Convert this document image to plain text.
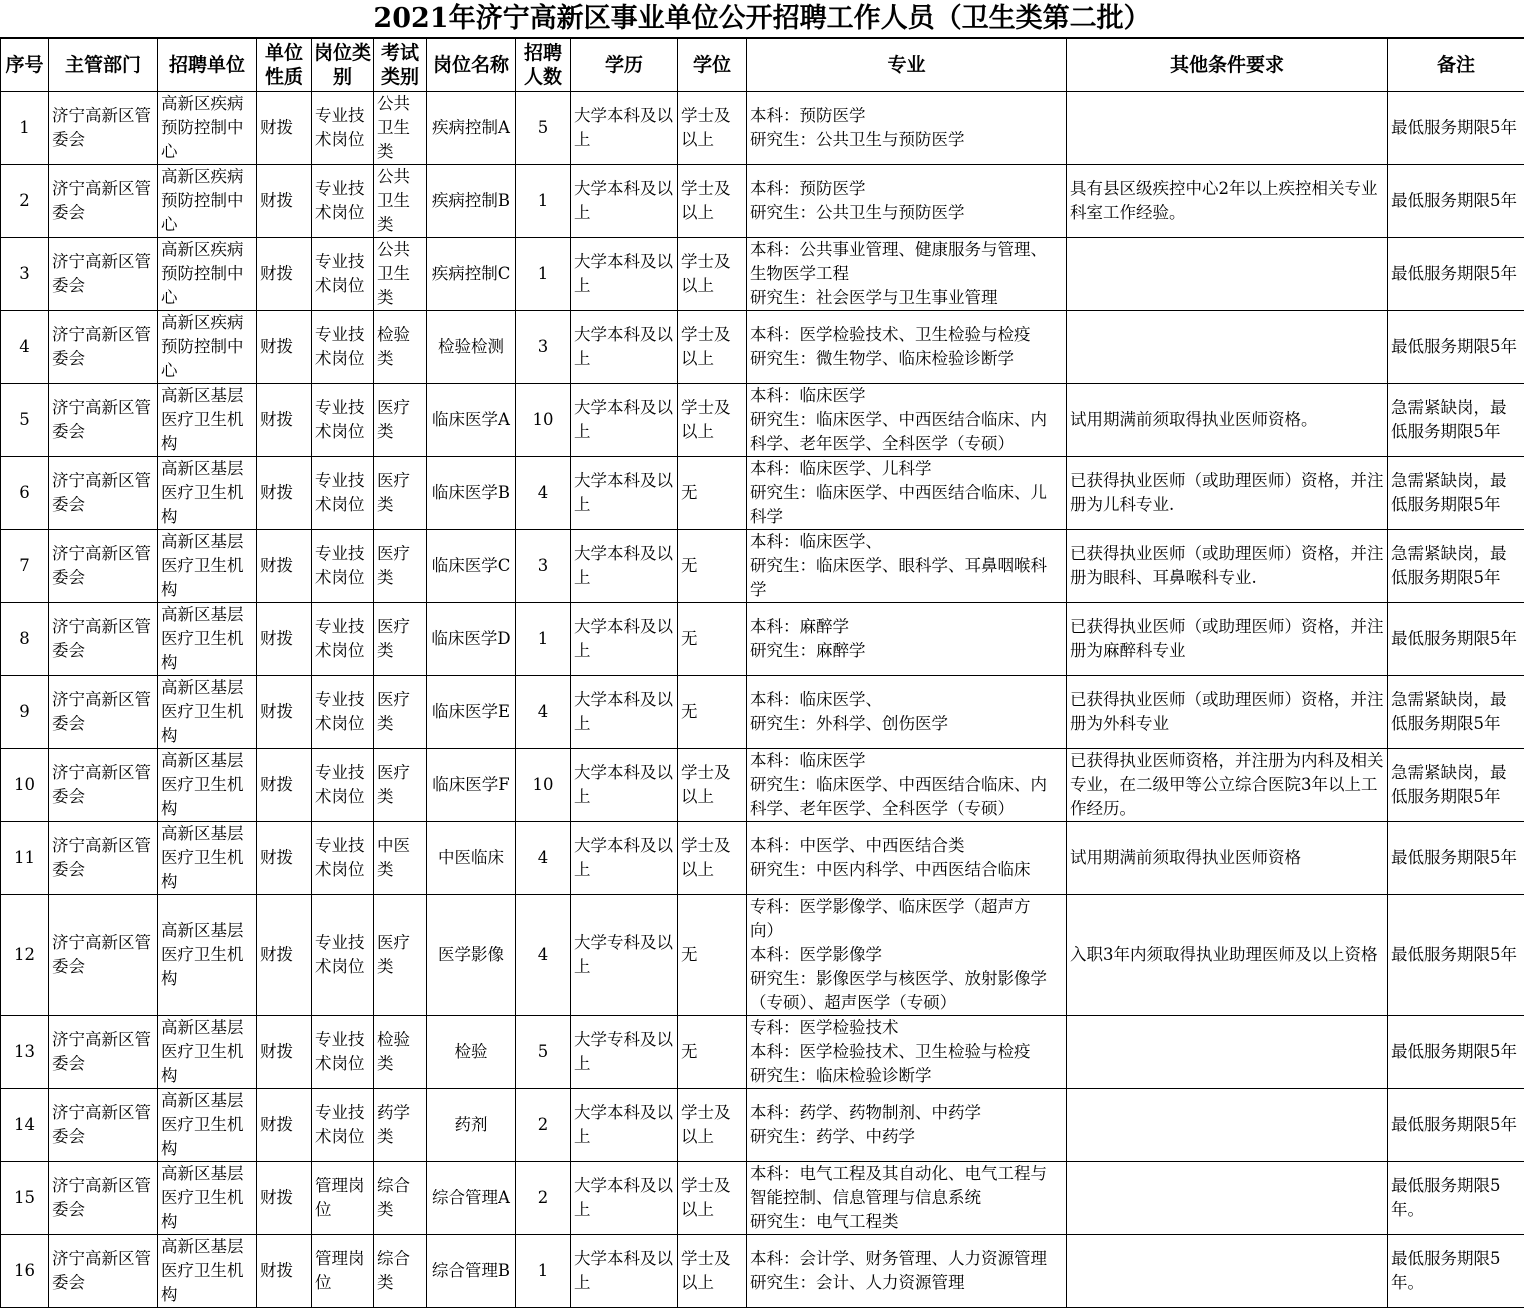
2021年济宁高新区事业单位公开招聘工作人员（卫生类第二批）
序号	主管部门	招聘单位	单位性质	岗位类别	考试类别	岗位名称	招聘人数	学历	学位	专业	其他条件要求	备注
1	济宁高新区管委会	高新区疾病预防控制中心	财拨	专业技术岗位	公共卫生类	疾病控制A	5	大学本科及以上	学士及以上	本科：预防医学
研究生：公共卫生与预防医学		最低服务期限5年
2	济宁高新区管委会	高新区疾病预防控制中心	财拨	专业技术岗位	公共卫生类	疾病控制B	1	大学本科及以上	学士及以上	本科：预防医学
研究生：公共卫生与预防医学	具有县区级疾控中心2年以上疾控相关专业科室工作经验。	最低服务期限5年
3	济宁高新区管委会	高新区疾病预防控制中心	财拨	专业技术岗位	公共卫生类	疾病控制C	1	大学本科及以上	学士及以上	本科：公共事业管理、健康服务与管理、生物医学工程
研究生：社会医学与卫生事业管理		最低服务期限5年
4	济宁高新区管委会	高新区疾病预防控制中心	财拨	专业技术岗位	检验类	检验检测	3	大学本科及以上	学士及以上	本科：医学检验技术、卫生检验与检疫
研究生：微生物学、临床检验诊断学		最低服务期限5年
5	济宁高新区管委会	高新区基层医疗卫生机构	财拨	专业技术岗位	医疗类	临床医学A	10	大学本科及以上	学士及以上	本科：临床医学
研究生：临床医学、中西医结合临床、内科学、老年医学、全科医学（专硕）	试用期满前须取得执业医师资格。	急需紧缺岗，最低服务期限5年
6	济宁高新区管委会	高新区基层医疗卫生机构	财拨	专业技术岗位	医疗类	临床医学B	4	大学本科及以上	无	本科：临床医学、儿科学
研究生：临床医学、中西医结合临床、儿科学	已获得执业医师（或助理医师）资格，并注册为儿科专业.	急需紧缺岗，最低服务期限5年
7	济宁高新区管委会	高新区基层医疗卫生机构	财拨	专业技术岗位	医疗类	临床医学C	3	大学本科及以上	无	本科：临床医学、
研究生：临床医学、眼科学、耳鼻咽喉科学	已获得执业医师（或助理医师）资格，并注册为眼科、耳鼻喉科专业.	急需紧缺岗，最低服务期限5年
8	济宁高新区管委会	高新区基层医疗卫生机构	财拨	专业技术岗位	医疗类	临床医学D	1	大学本科及以上	无	本科：麻醉学
研究生：麻醉学	已获得执业医师（或助理医师）资格，并注册为麻醉科专业	最低服务期限5年
9	济宁高新区管委会	高新区基层医疗卫生机构	财拨	专业技术岗位	医疗类	临床医学E	4	大学本科及以上	无	本科：临床医学、
研究生：外科学、创伤医学	已获得执业医师（或助理医师）资格，并注册为外科专业	急需紧缺岗，最低服务期限5年
10	济宁高新区管委会	高新区基层医疗卫生机构	财拨	专业技术岗位	医疗类	临床医学F	10	大学本科及以上	学士及以上	本科：临床医学
研究生：临床医学、中西医结合临床、内科学、老年医学、全科医学（专硕）	已获得执业医师资格，并注册为内科及相关专业，在二级甲等公立综合医院3年以上工作经历。	急需紧缺岗，最低服务期限5年
11	济宁高新区管委会	高新区基层医疗卫生机构	财拨	专业技术岗位	中医类	中医临床	4	大学本科及以上	学士及以上	本科：中医学、中西医结合类
研究生：中医内科学、中西医结合临床	试用期满前须取得执业医师资格	最低服务期限5年
12	济宁高新区管委会	高新区基层医疗卫生机构	财拨	专业技术岗位	医疗类	医学影像	4	大学专科及以上	无	专科：医学影像学、临床医学（超声方向）
本科：医学影像学
研究生：影像医学与核医学、放射影像学（专硕）、超声医学（专硕）	入职3年内须取得执业助理医师及以上资格	最低服务期限5年
13	济宁高新区管委会	高新区基层医疗卫生机构	财拨	专业技术岗位	检验类	检验	5	大学专科及以上	无	专科：医学检验技术
本科：医学检验技术、卫生检验与检疫
研究生：临床检验诊断学		最低服务期限5年
14	济宁高新区管委会	高新区基层医疗卫生机构	财拨	专业技术岗位	药学类	药剂	2	大学本科及以上	学士及以上	本科：药学、药物制剂、中药学
研究生：药学、中药学		最低服务期限5年
15	济宁高新区管委会	高新区基层医疗卫生机构	财拨	管理岗位	综合类	综合管理A	2	大学本科及以上	学士及以上	本科：电气工程及其自动化、电气工程与智能控制、信息管理与信息系统
研究生：电气工程类		最低服务期限5年。
16	济宁高新区管委会	高新区基层医疗卫生机构	财拨	管理岗位	综合类	综合管理B	1	大学本科及以上	学士及以上	本科：会计学、财务管理、人力资源管理
研究生：会计、人力资源管理		最低服务期限5年。
